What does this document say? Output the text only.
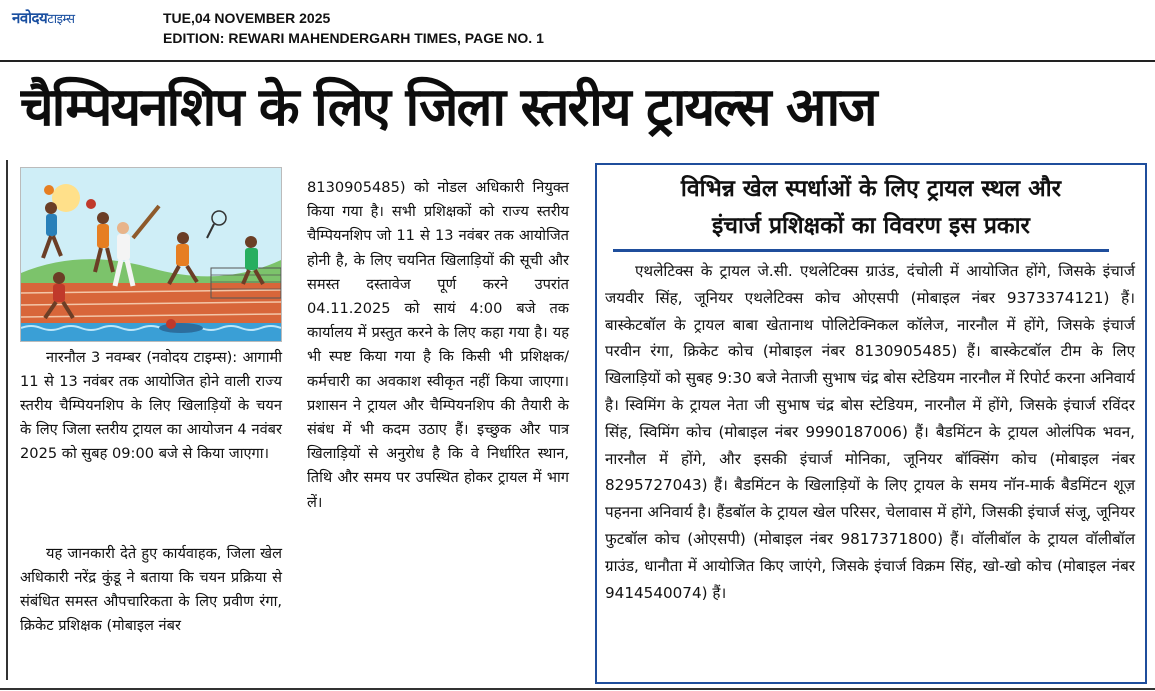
नवोदयटाइम्स	TUE,04 NOVEMBER 2025
EDITION: REWARI MAHENDERGARH TIMES, PAGE NO. 1
चैम्पियनशिप के लिए जिला स्तरीय ट्रायल्स आज

नारनौल 3 नवम्बर (नवोदय टाइम्स): आगामी 11 से 13 नवंबर तक आयोजित होने वाली राज्य स्तरीय चैम्पियनशिप के लिए खिलाड़ियों के चयन के लिए जिला स्तरीय ट्रायल का आयोजन 4 नवंबर 2025 को सुबह 09:00 बजे से किया जाएगा।

यह जानकारी देते हुए कार्यवाहक, जिला खेल अधिकारी नरेंद्र कुंडू ने बताया कि चयन प्रक्रिया से संबंधित समस्त औपचारिकता के लिए प्रवीण रंगा, क्रिकेट प्रशिक्षक (मोबाइल नंबर

8130905485) को नोडल अधिकारी नियुक्त किया गया है। सभी प्रशिक्षकों को राज्य स्तरीय चैम्पियनशिप जो 11 से 13 नवंबर तक आयोजित होनी है, के लिए चयनित खिलाड़ियों की सूची और समस्त दस्तावेज पूर्ण करने उपरांत 04.11.2025 को सायं 4:00 बजे तक कार्यालय में प्रस्तुत करने के लिए कहा गया है। यह भी स्पष्ट किया गया है कि किसी भी प्रशिक्षक/कर्मचारी का अवकाश स्वीकृत नहीं किया जाएगा। प्रशासन ने ट्रायल और चैम्पियनशिप की तैयारी के संबंध में भी कदम उठाए हैं। इच्छुक और पात्र खिलाड़ियों से अनुरोध है कि वे निर्धारित स्थान, तिथि और समय पर उपस्थित होकर ट्रायल में भाग लें।

विभिन्न खेल स्पर्धाओं के लिए ट्रायल स्थल और
इंचार्ज प्रशिक्षकों का विवरण इस प्रकार

एथलेटिक्स के ट्रायल जे.सी. एथलेटिक्स ग्राउंड, दंचोली में आयोजित होंगे, जिसके इंचार्ज जयवीर सिंह, जूनियर एथलेटिक्स कोच ओएसपी (मोबाइल नंबर 9373374121) हैं। बास्केटबॉल के ट्रायल बाबा खेतानाथ पोलिटेक्निकल कॉलेज, नारनौल में होंगे, जिसके इंचार्ज परवीन रंगा, क्रिकेट कोच (मोबाइल नंबर 8130905485) हैं। बास्केटबॉल टीम के लिए खिलाड़ियों को सुबह 9:30 बजे नेताजी सुभाष चंद्र बोस स्टेडियम नारनौल में रिपोर्ट करना अनिवार्य है। स्विमिंग के ट्रायल नेता जी सुभाष चंद्र बोस स्टेडियम, नारनौल में होंगे, जिसके इंचार्ज रविंदर सिंह, स्विमिंग कोच (मोबाइल नंबर 9990187006) हैं। बैडमिंटन के ट्रायल ओलंपिक भवन, नारनौल में होंगे, और इसकी इंचार्ज मोनिका, जूनियर बॉक्सिंग कोच (मोबाइल नंबर 8295727043) हैं। बैडमिंटन के खिलाड़ियों के लिए ट्रायल के समय नॉन-मार्क बैडमिंटन शूज़ पहनना अनिवार्य है। हैंडबॉल के ट्रायल खेल परिसर, चेलावास में होंगे, जिसकी इंचार्ज संजू, जूनियर फुटबॉल कोच (ओएसपी) (मोबाइल नंबर 9817371800) हैं। वॉलीबॉल के ट्रायल वॉलीबॉल ग्राउंड, धानौता में आयोजित किए जाएंगे, जिसके इंचार्ज विक्रम सिंह, खो-खो कोच (मोबाइल नंबर 9414540074) हैं।
